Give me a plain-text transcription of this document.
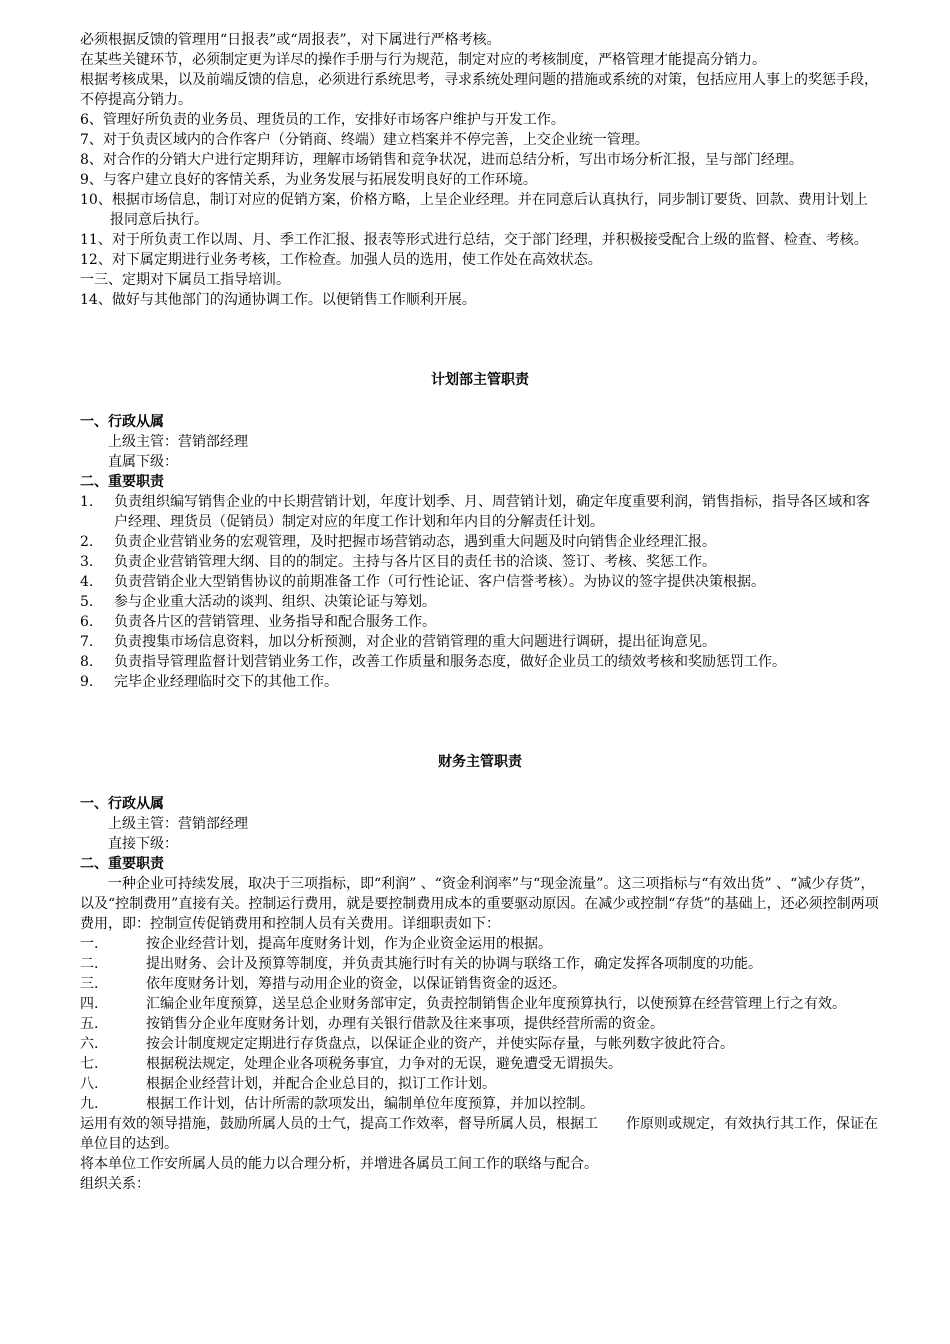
必须根据反馈的管理用“日报表”或“周报表”，对下属进行严格考核。

在某些关键环节，必须制定更为详尽的操作手册与行为规范，制定对应的考核制度，严格管理才能提高分销力。

根据考核成果，以及前端反馈的信息，必须进行系统思考，寻求系统处理问题的措施或系统的对策，包括应用人事上的奖惩手段，不停提高分销力。

6、管理好所负责的业务员、理货员的工作，安排好市场客户维护与开发工作。

7、对于负责区域内的合作客户（分销商、终端）建立档案并不停完善，上交企业统一管理。

8、对合作的分销大户进行定期拜访，理解市场销售和竞争状况，进而总结分析，写出市场分析汇报，呈与部门经理。

9、与客户建立良好的客情关系，为业务发展与拓展发明良好的工作环境。

10、根据市场信息，制订对应的促销方案，价格方略，上呈企业经理。并在同意后认真执行，同步制订要货、回款、费用计划上报同意后执行。

11、对于所负责工作以周、月、季工作汇报、报表等形式进行总结，交于部门经理，并积极接受配合上级的监督、检查、考核。

12、对下属定期进行业务考核，工作检查。加强人员的选用，使工作处在高效状态。

一三、定期对下属员工指导培训。

14、做好与其他部门的沟通协调工作。以便销售工作顺利开展。

计划部主管职责

一、行政从属

上级主管：营销部经理

直属下级：

二、重要职责

1.	负责组织编写销售企业的中长期营销计划，年度计划季、月、周营销计划，确定年度重要利润，销售指标，指导各区域和客户经理、理货员（促销员）制定对应的年度工作计划和年内目的分解责任计划。
2.	负责企业营销业务的宏观管理，及时把握市场营销动态，遇到重大问题及时向销售企业经理汇报。
3.	负责企业营销管理大纲、目的的制定。主持与各片区目的责任书的洽谈、签订、考核、奖惩工作。
4.	负责营销企业大型销售协议的前期准备工作（可行性论证、客户信誉考核）。为协议的签字提供决策根据。
5.	参与企业重大活动的谈判、组织、决策论证与筹划。
6.	负责各片区的营销管理、业务指导和配合服务工作。
7.	负责搜集市场信息资料，加以分析预测，对企业的营销管理的重大问题进行调研，提出征询意见。
8.	负责指导管理监督计划营销业务工作，改善工作质量和服务态度，做好企业员工的绩效考核和奖励惩罚工作。
9.	完毕企业经理临时交下的其他工作。

财务主管职责

一、行政从属

上级主管：营销部经理

直接下级：

二、重要职责

一种企业可持续发展，取决于三项指标，即“利润” 、“资金利润率”与“现金流量”。这三项指标与“有效出货” 、“减少存货”，以及“控制费用”直接有关。控制运行费用，就是要控制费用成本的重要驱动原因。在减少或控制“存货”的基础上，还必须控制两项费用，即：控制宣传促销费用和控制人员有关费用。详细职责如下：

一.	按企业经营计划，提高年度财务计划，作为企业资金运用的根据。
二.	提出财务、会计及预算等制度，并负责其施行时有关的协调与联络工作，确定发挥各项制度的功能。
三.	依年度财务计划，筹措与动用企业的资金，以保证销售资金的返还。
四.	汇编企业年度预算，送呈总企业财务部审定，负责控制销售企业年度预算执行，以使预算在经营管理上行之有效。
五.	按销售分企业年度财务计划，办理有关银行借款及往来事项，提供经营所需的资金。
六.	按会计制度规定定期进行存货盘点，以保证企业的资产，并使实际存量，与帐列数字彼此符合。
七.	根据税法规定，处理企业各项税务事宜，力争对的无误，避免遭受无谓损失。
八.	根据企业经营计划，并配合企业总目的，拟订工作计划。
九.	根据工作计划，估计所需的款项发出，编制单位年度预算，并加以控制。

运用有效的领导措施，鼓励所属人员的士气，提高工作效率，督导所属人员，根据工　　作原则或规定，有效执行其工作，保证在单位目的达到。

将本单位工作安所属人员的能力以合理分析，并增进各属员工间工作的联络与配合。

组织关系：
